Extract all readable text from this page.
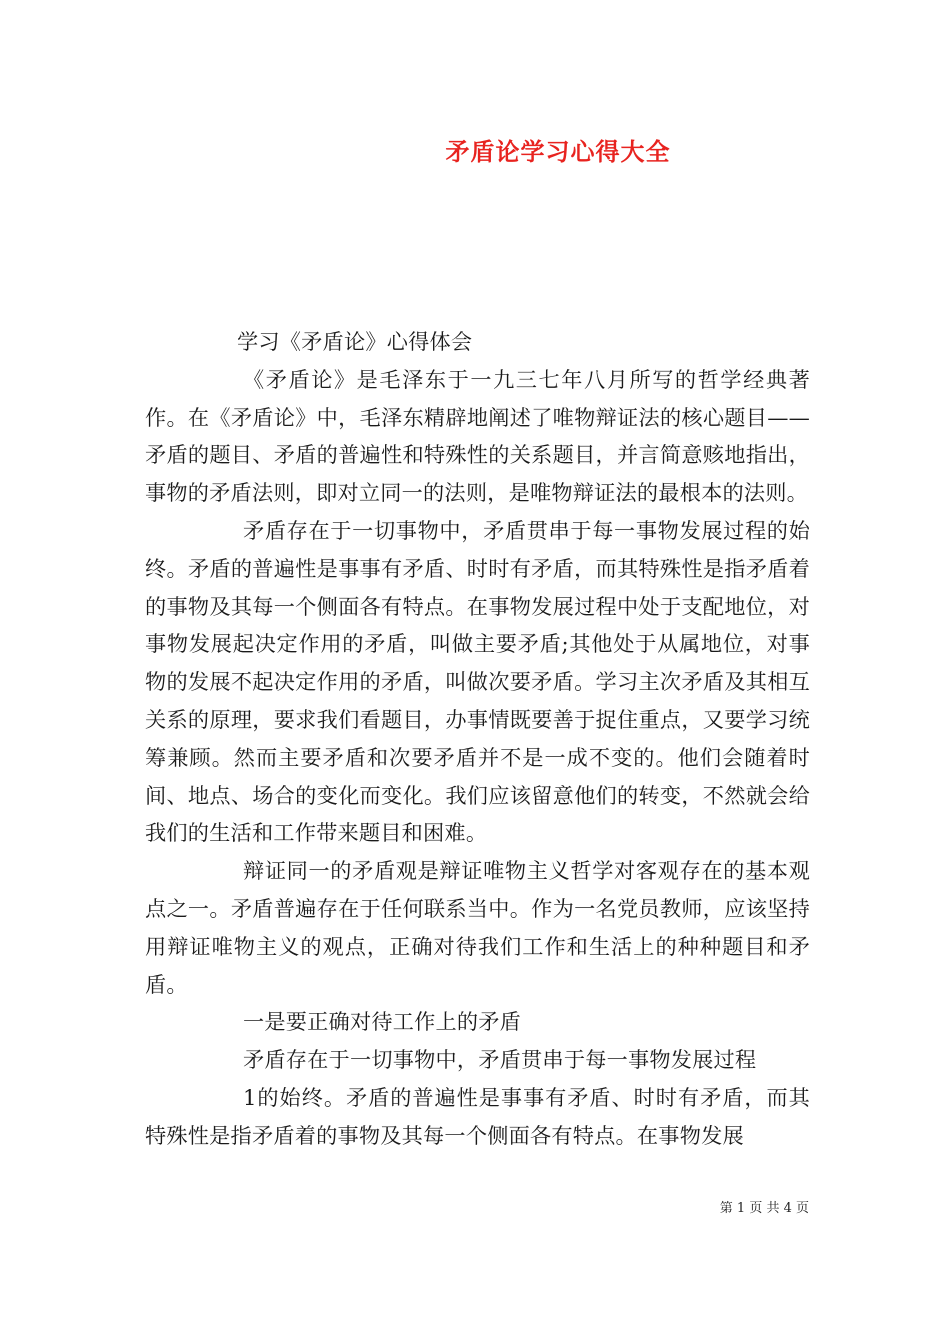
矛盾论学习心得大全

学习《矛盾论》心得体会

《矛盾论》是毛泽东于一九三七年八月所写的哲学经典著作。在《矛盾论》中，毛泽东精辟地阐述了唯物辩证法的核心题目——矛盾的题目、矛盾的普遍性和特殊性的关系题目，并言简意赅地指出，事物的矛盾法则，即对立同一的法则，是唯物辩证法的最根本的法则。

矛盾存在于一切事物中，矛盾贯串于每一事物发展过程的始终。矛盾的普遍性是事事有矛盾、时时有矛盾，而其特殊性是指矛盾着的事物及其每一个侧面各有特点。在事物发展过程中处于支配地位，对事物发展起决定作用的矛盾，叫做主要矛盾;其他处于从属地位，对事物的发展不起决定作用的矛盾，叫做次要矛盾。学习主次矛盾及其相互关系的原理，要求我们看题目，办事情既要善于捉住重点，又要学习统筹兼顾。然而主要矛盾和次要矛盾并不是一成不变的。他们会随着时间、地点、场合的变化而变化。我们应该留意他们的转变，不然就会给我们的生活和工作带来题目和困难。

辩证同一的矛盾观是辩证唯物主义哲学对客观存在的基本观点之一。矛盾普遍存在于任何联系当中。作为一名党员教师，应该坚持用辩证唯物主义的观点，正确对待我们工作和生活上的种种题目和矛盾。

一是要正确对待工作上的矛盾

矛盾存在于一切事物中，矛盾贯串于每一事物发展过程

1的始终。矛盾的普遍性是事事有矛盾、时时有矛盾，而其特殊性是指矛盾着的事物及其每一个侧面各有特点。在事物发展

第 1 页 共 4 页
